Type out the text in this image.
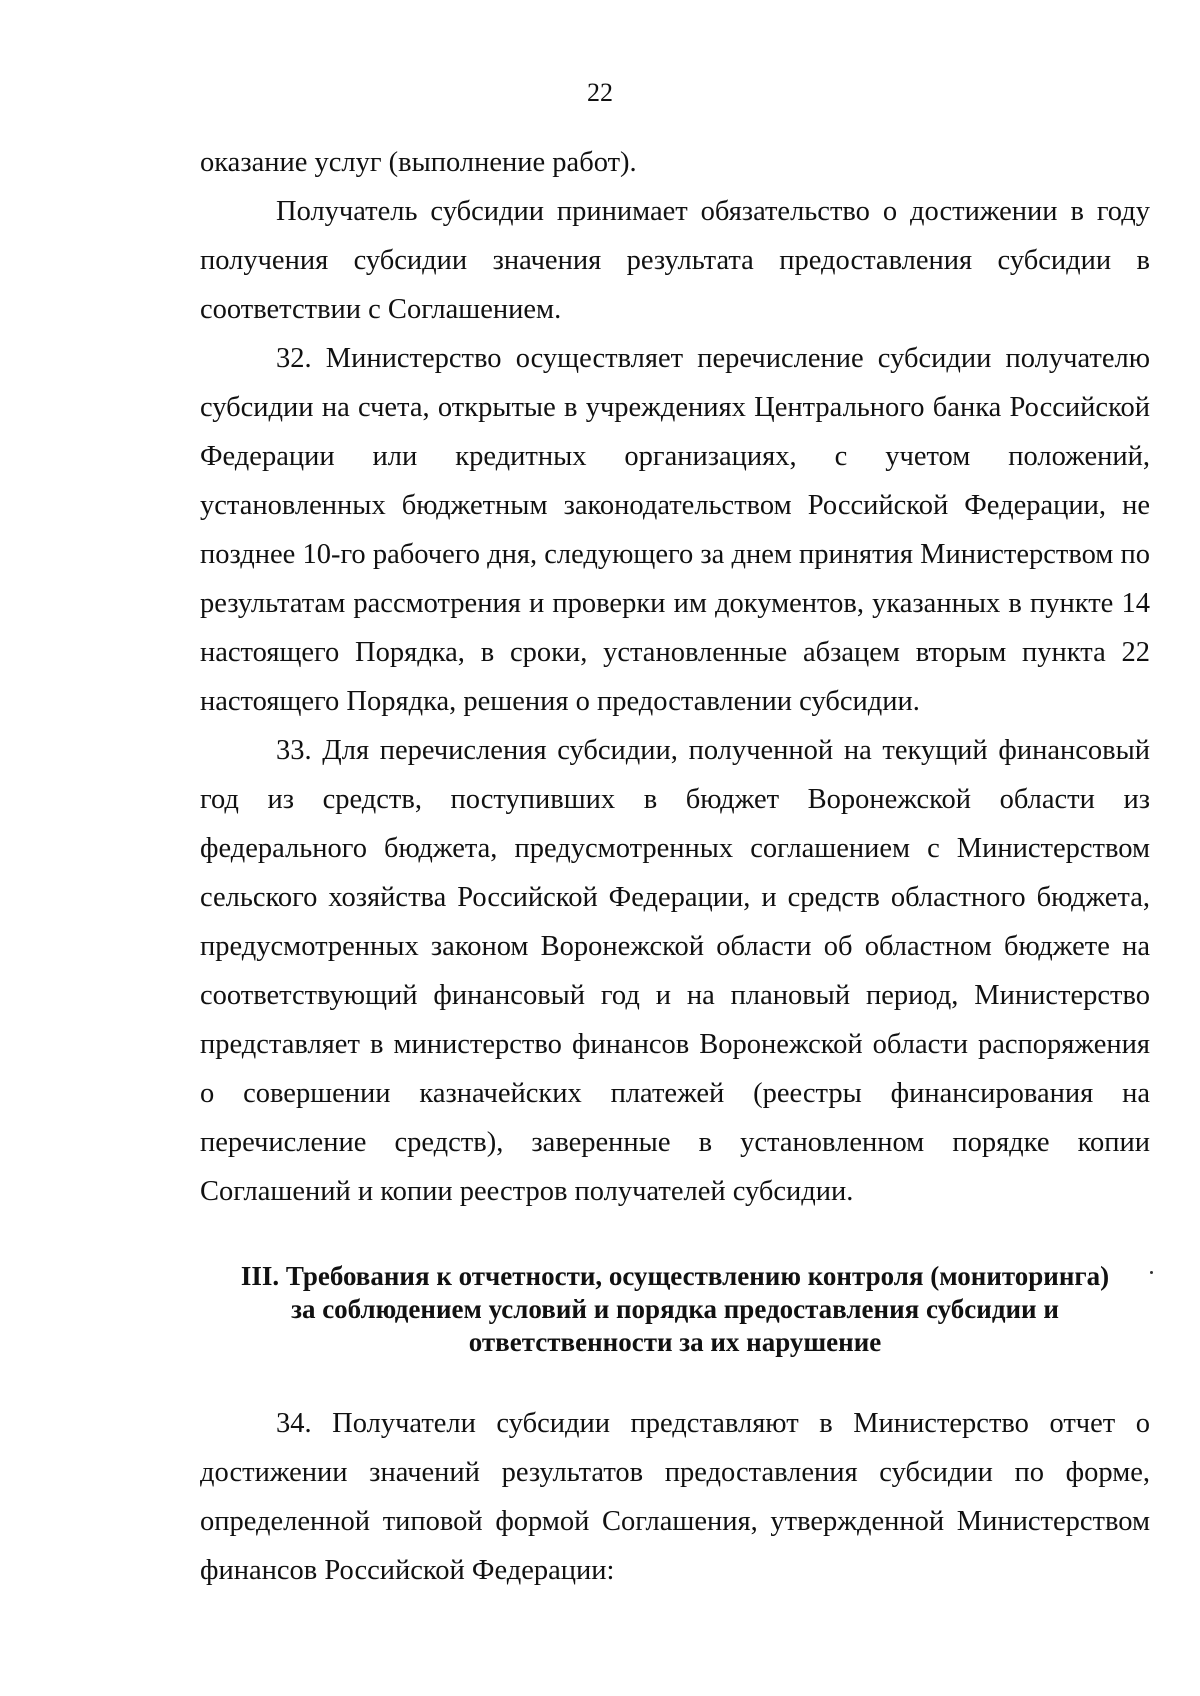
22

оказание услуг (выполнение работ).

Получатель субсидии принимает обязательство о достижении в году получения субсидии значения результата предоставления субсидии в соответствии с Соглашением.

32. Министерство осуществляет перечисление субсидии получателю субсидии на счета, открытые в учреждениях Центрального банка Российской Федерации или кредитных организациях, с учетом положений, установленных бюджетным законодательством Российской Федерации, не позднее 10-го рабочего дня, следующего за днем принятия Министерством по результатам рассмотрения и проверки им документов, указанных в пункте 14 настоящего Порядка, в сроки, установленные абзацем вторым пункта 22 настоящего Порядка, решения о предоставлении субсидии.

33. Для перечисления субсидии, полученной на текущий финансовый год из средств, поступивших в бюджет Воронежской области из федерального бюджета, предусмотренных соглашением с Министерством сельского хозяйства Российской Федерации, и средств областного бюджета, предусмотренных законом Воронежской области об областном бюджете на соответствующий финансовый год и на плановый период, Министерство представляет в министерство финансов Воронежской области распоряжения о совершении казначейских платежей (реестры финансирования на перечисление средств), заверенные в установленном порядке копии Соглашений и копии реестров получателей субсидии.

III. Требования к отчетности, осуществлению контроля (мониторинга) за соблюдением условий и порядка предоставления субсидии и ответственности за их нарушение

34. Получатели субсидии представляют в Министерство отчет о достижении значений результатов предоставления субсидии по форме, определенной типовой формой Соглашения, утвержденной Министерством финансов Российской Федерации:
